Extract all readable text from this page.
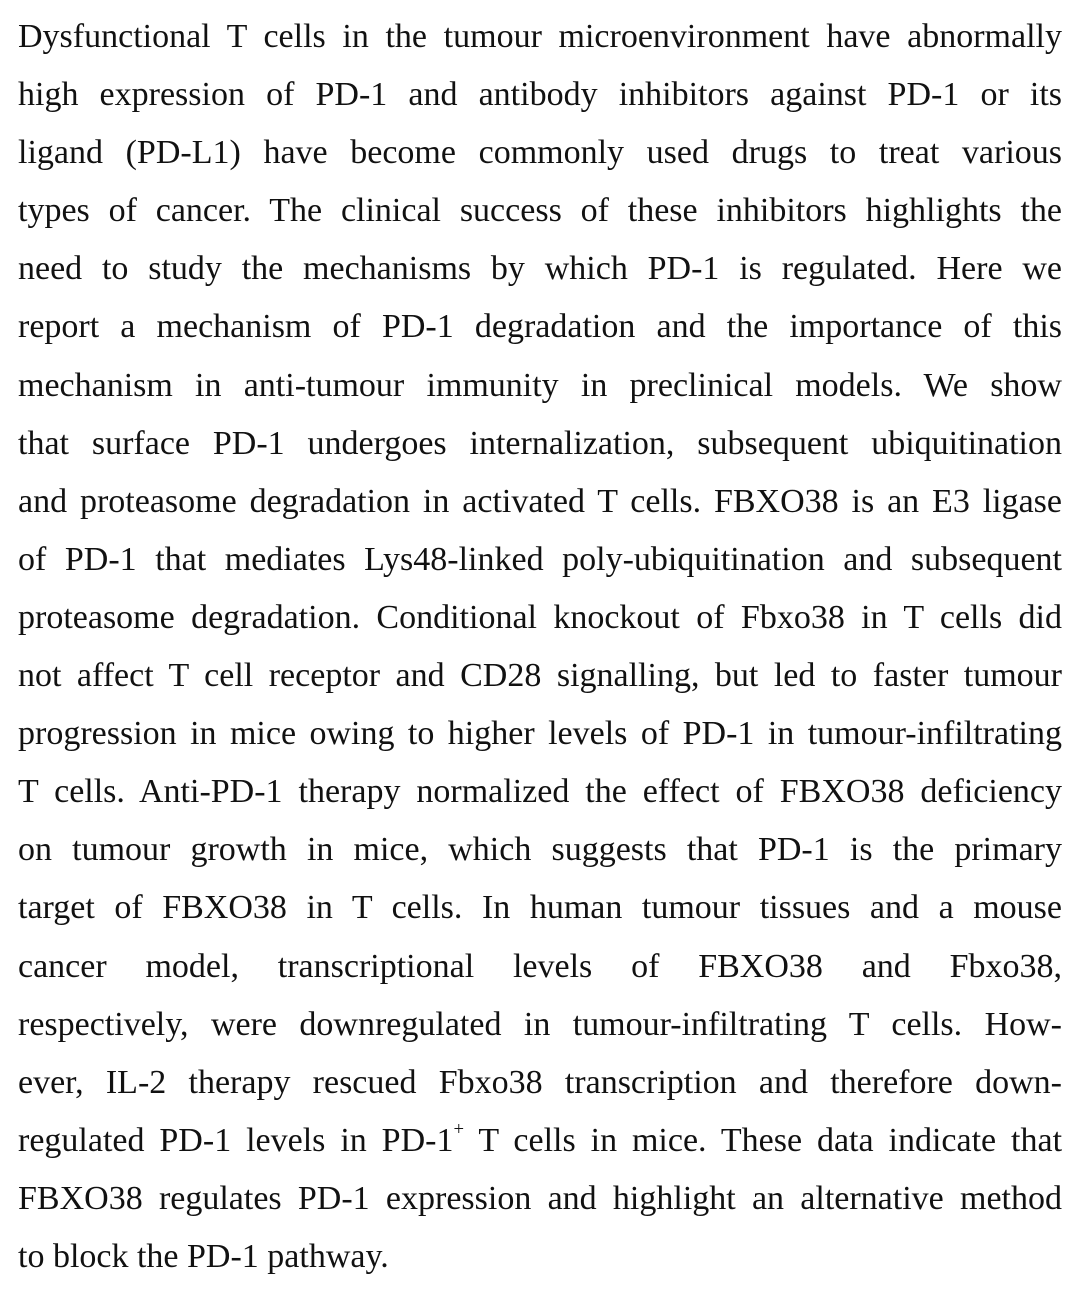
Dysfunctional T cells in the tumour microenvironment have abnormally
high expression of PD-1 and antibody inhibitors against PD-1 or its
ligand (PD-L1) have become commonly used drugs to treat various
types of cancer. The clinical success of these inhibitors highlights the
need to study the mechanisms by which PD-1 is regulated. Here we
report a mechanism of PD-1 degradation and the importance of this
mechanism in anti-tumour immunity in preclinical models. We show
that surface PD-1 undergoes internalization, subsequent ubiquitination
and proteasome degradation in activated T cells. FBXO38 is an E3 ligase
of PD-1 that mediates Lys48-linked poly-ubiquitination and subsequent
proteasome degradation. Conditional knockout of Fbxo38 in T cells did
not affect T cell receptor and CD28 signalling, but led to faster tumour
progression in mice owing to higher levels of PD-1 in tumour-infiltrating
T cells. Anti-PD-1 therapy normalized the effect of FBXO38 deficiency
on tumour growth in mice, which suggests that PD-1 is the primary
target of FBXO38 in T cells. In human tumour tissues and a mouse
cancer model, transcriptional levels of FBXO38 and Fbxo38,
respectively, were downregulated in tumour-infiltrating T cells. How-
ever, IL-2 therapy rescued Fbxo38 transcription and therefore down-
regulated PD-1 levels in PD-1+ T cells in mice. These data indicate that
FBXO38 regulates PD-1 expression and highlight an alternative method
to block the PD-1 pathway.
